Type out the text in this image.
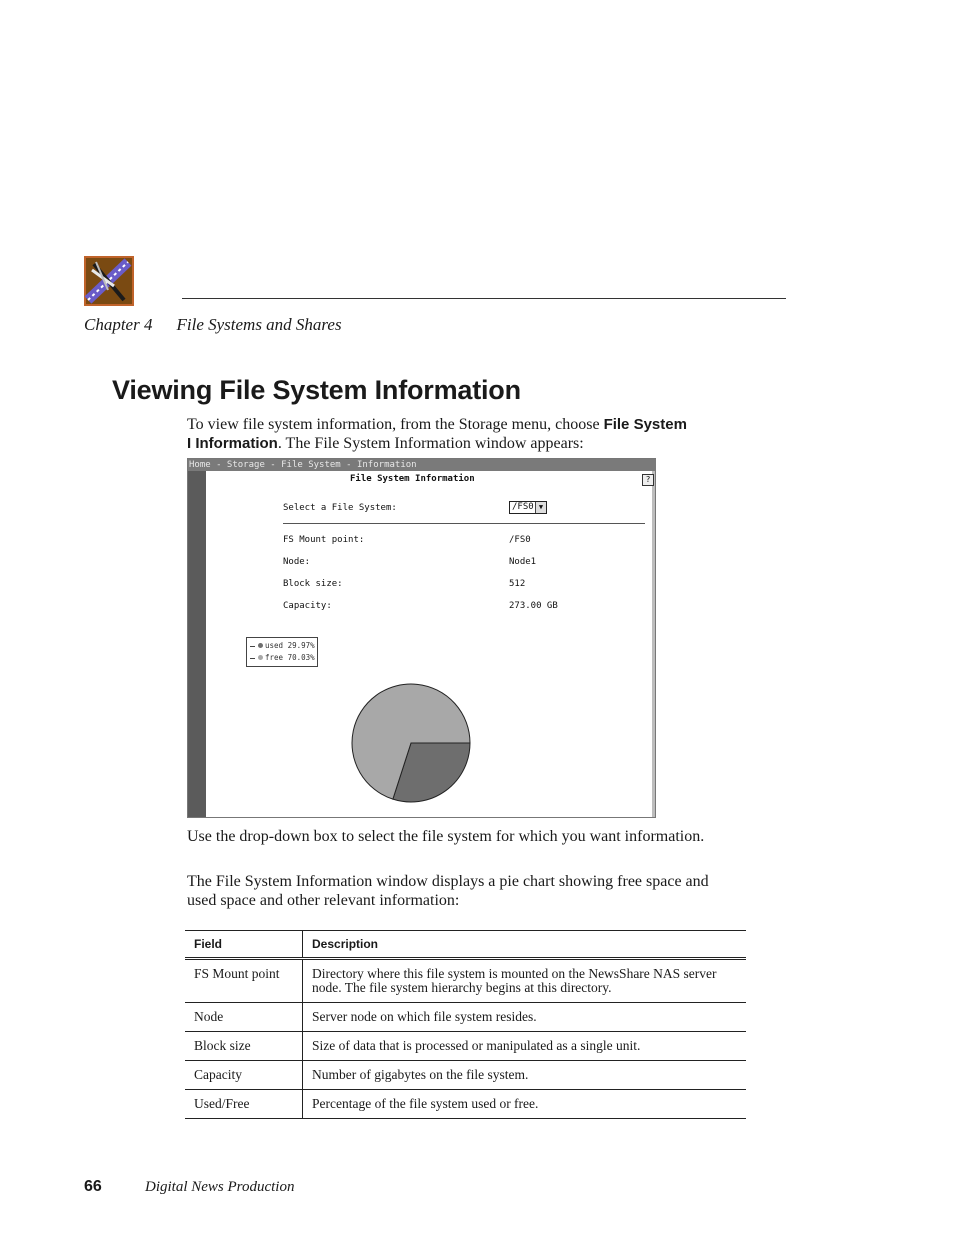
Chapter 4 File Systems and Shares
Viewing File System Information
To view file system information, from the Storage menu, choose File System
I Information. The File System Information window appears:
Home - Storage - File System - Information
File System Information	?
Select a File System:	/FS0 ▼
FS Mount point:	/FS0
Node:	Node1
Block size:	512
Capacity:	273.00 GB
used 29.97%
free 70.03%
Use the drop-down box to select the file system for which you want information.
The File System Information window displays a pie chart showing free space and used space and other relevant information:
Field	Description
FS Mount point	Directory where this file system is mounted on the NewsShare NAS server node. The file system hierarchy begins at this directory.
Node	Server node on which file system resides.
Block size	Size of data that is processed or manipulated as a single unit.
Capacity	Number of gigabytes on the file system.
Used/Free	Percentage of the file system used or free.
66	Digital News Production
